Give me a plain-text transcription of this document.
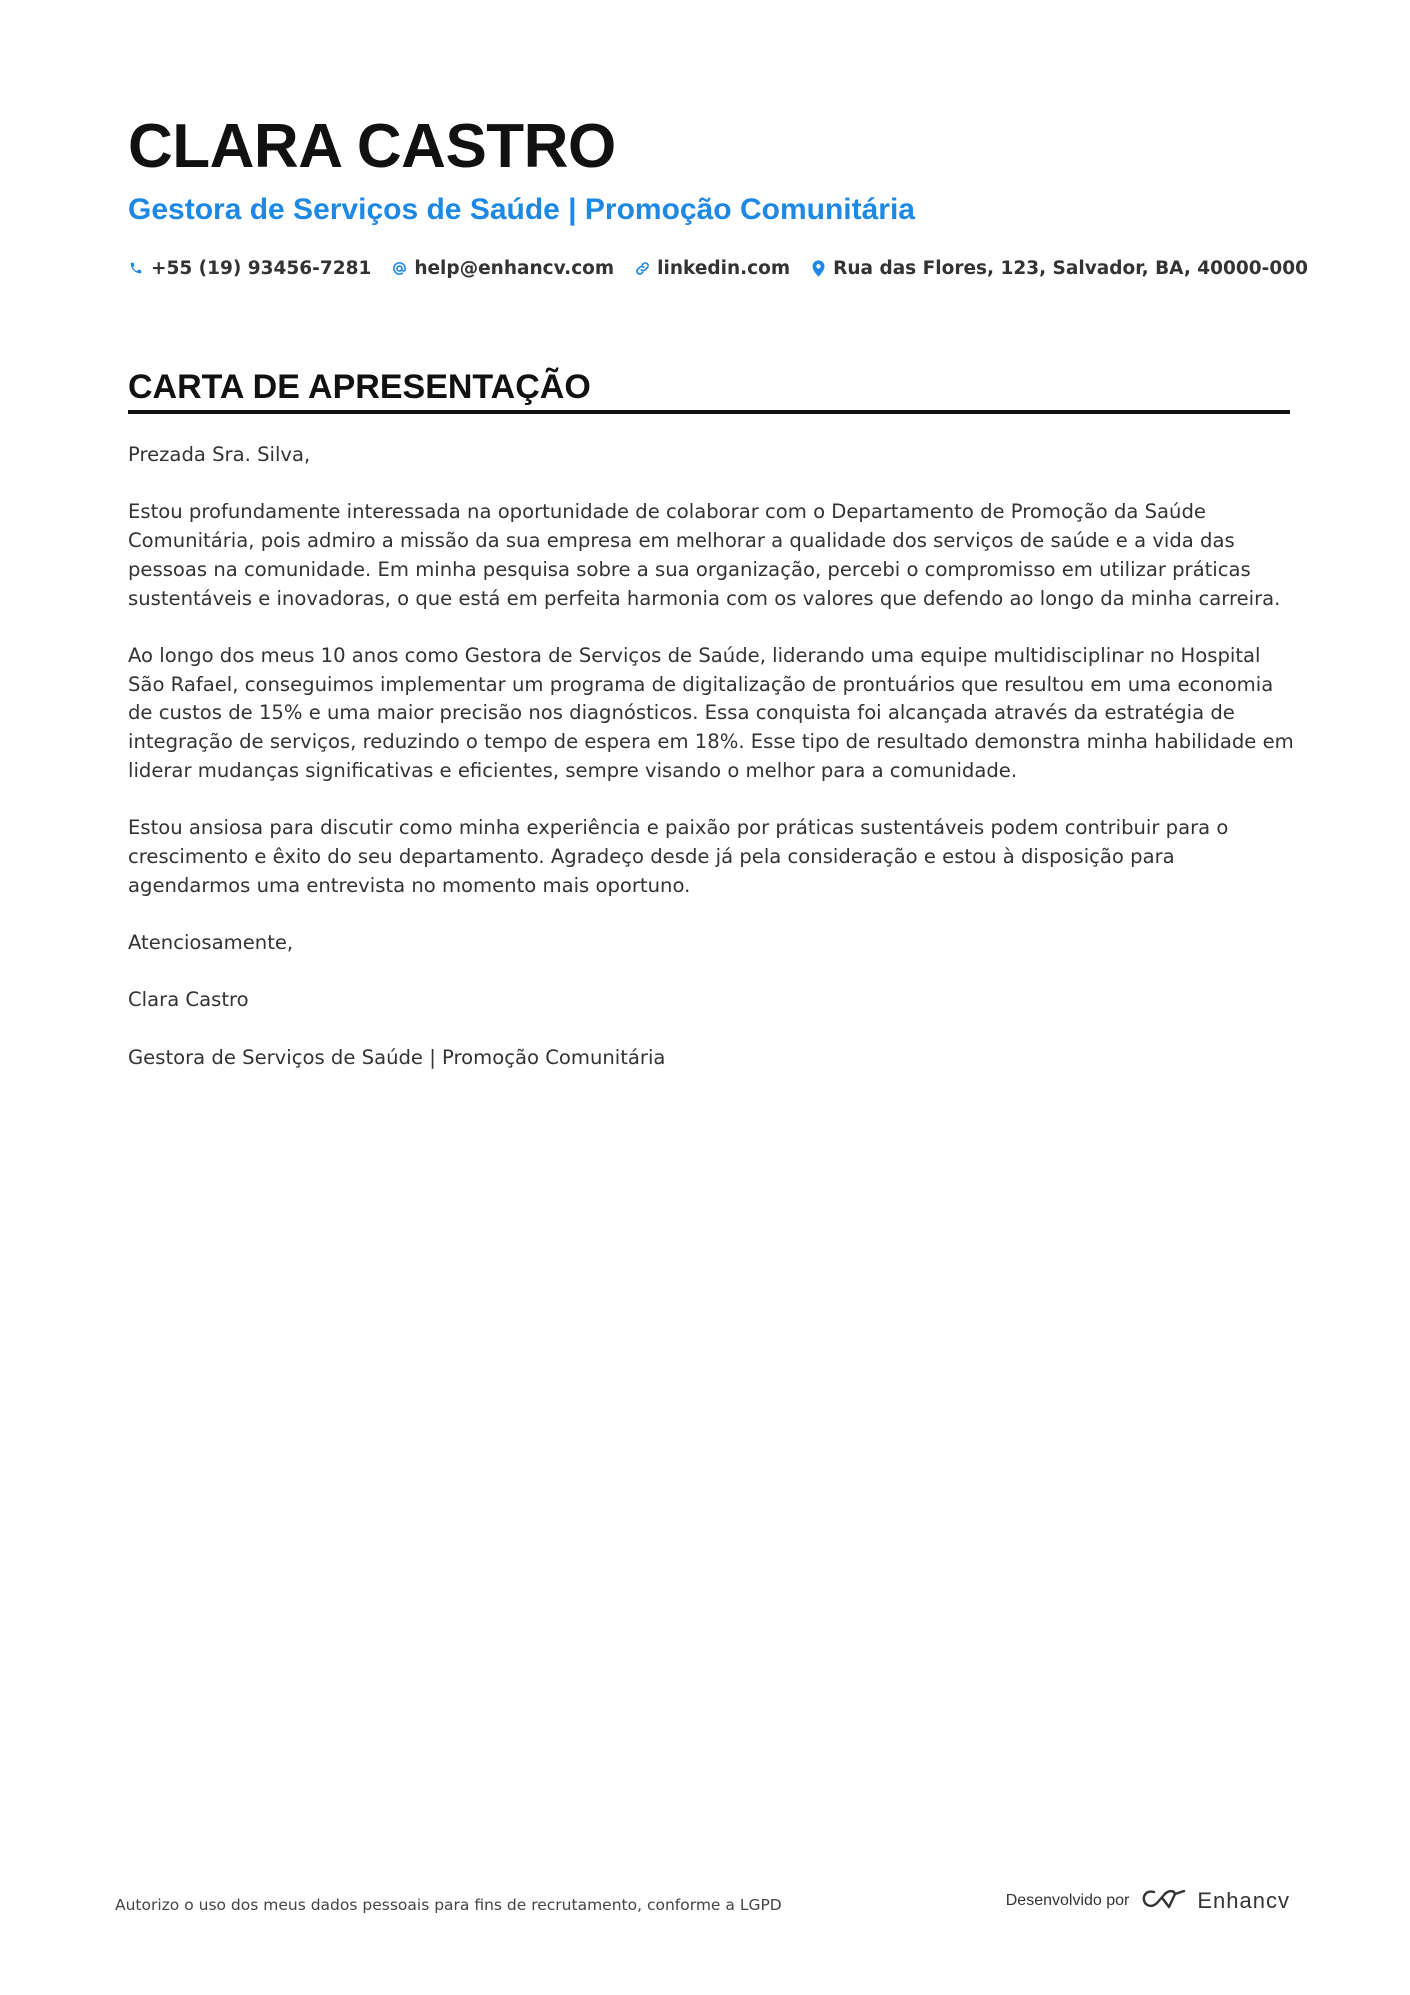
CLARA CASTRO
Gestora de Serviços de Saúde | Promoção Comunitária
+55 (19) 93456-7281 help@enhancv.com linkedin.com Rua das Flores, 123, Salvador, BA, 40000-000
CARTA DE APRESENTAÇÃO

Prezada Sra. Silva,

Estou profundamente interessada na oportunidade de colaborar com o Departamento de Promoção da Saúde
Comunitária, pois admiro a missão da sua empresa em melhorar a qualidade dos serviços de saúde e a vida das
pessoas na comunidade. Em minha pesquisa sobre a sua organização, percebi o compromisso em utilizar práticas
sustentáveis e inovadoras, o que está em perfeita harmonia com os valores que defendo ao longo da minha carreira.

Ao longo dos meus 10 anos como Gestora de Serviços de Saúde, liderando uma equipe multidisciplinar no Hospital
São Rafael, conseguimos implementar um programa de digitalização de prontuários que resultou em uma economia
de custos de 15% e uma maior precisão nos diagnósticos. Essa conquista foi alcançada através da estratégia de
integração de serviços, reduzindo o tempo de espera em 18%. Esse tipo de resultado demonstra minha habilidade em
liderar mudanças significativas e eficientes, sempre visando o melhor para a comunidade.

Estou ansiosa para discutir como minha experiência e paixão por práticas sustentáveis podem contribuir para o
crescimento e êxito do seu departamento. Agradeço desde já pela consideração e estou à disposição para
agendarmos uma entrevista no momento mais oportuno.

Atenciosamente,

Clara Castro

Gestora de Serviços de Saúde | Promoção Comunitária

Autorizo o uso dos meus dados pessoais para fins de recrutamento, conforme a LGPD	Desenvolvido por	Enhancv
